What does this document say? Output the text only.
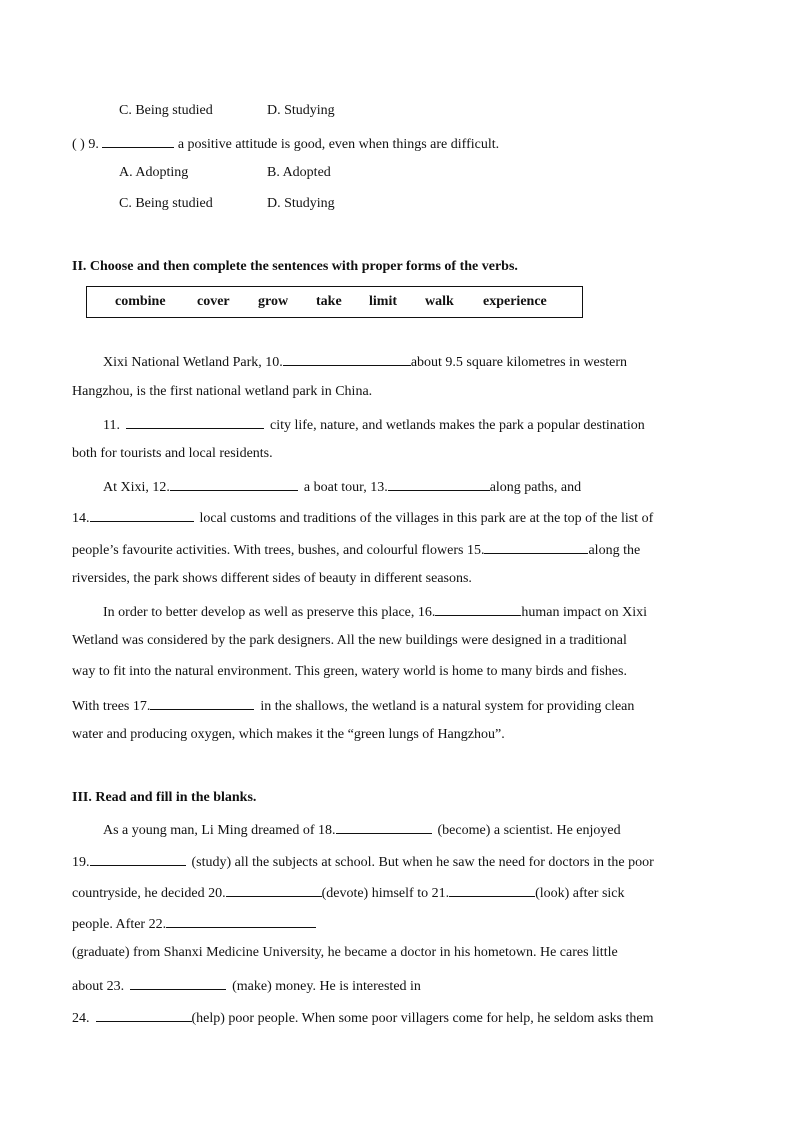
C. Being studied	D. Studying
( ) 9.	a positive attitude is good, even when things are difficult.
A. Adopting	B. Adopted
C. Being studied	D. Studying
II. Choose and then complete the sentences with proper forms of the verbs.
combine cover grow take limit walk experience
Xixi National Wetland Park, 10.	about 9.5 square kilometres in western
Hangzhou, is the first national wetland park in China.
11.	city life, nature, and wetlands makes the park a popular destination
both for tourists and local residents.
At Xixi, 12.	a boat tour, 13.	along paths, and
14.	local customs and traditions of the villages in this park are at the top of the list of
people’s favourite activities. With trees, bushes, and colourful flowers 15.	along the
riversides, the park shows different sides of beauty in different seasons.
In order to better develop as well as preserve this place, 16.	human impact on Xixi
Wetland was considered by the park designers. All the new buildings were designed in a traditional
way to fit into the natural environment. This green, watery world is home to many birds and fishes.
With trees 17.	in the shallows, the wetland is a natural system for providing clean
water and producing oxygen, which makes it the “green lungs of Hangzhou”.
III. Read and fill in the blanks.
As a young man, Li Ming dreamed of 18.	(become) a scientist. He enjoyed
19.	(study) all the subjects at school. But when he saw the need for doctors in the poor
countryside, he decided 20.	(devote) himself to 21.	(look) after sick
people. After 22.
(graduate) from Shanxi Medicine University, he became a doctor in his hometown. He cares little
about 23.	(make) money. He is interested in
24.	(help) poor people. When some poor villagers come for help, he seldom asks them
